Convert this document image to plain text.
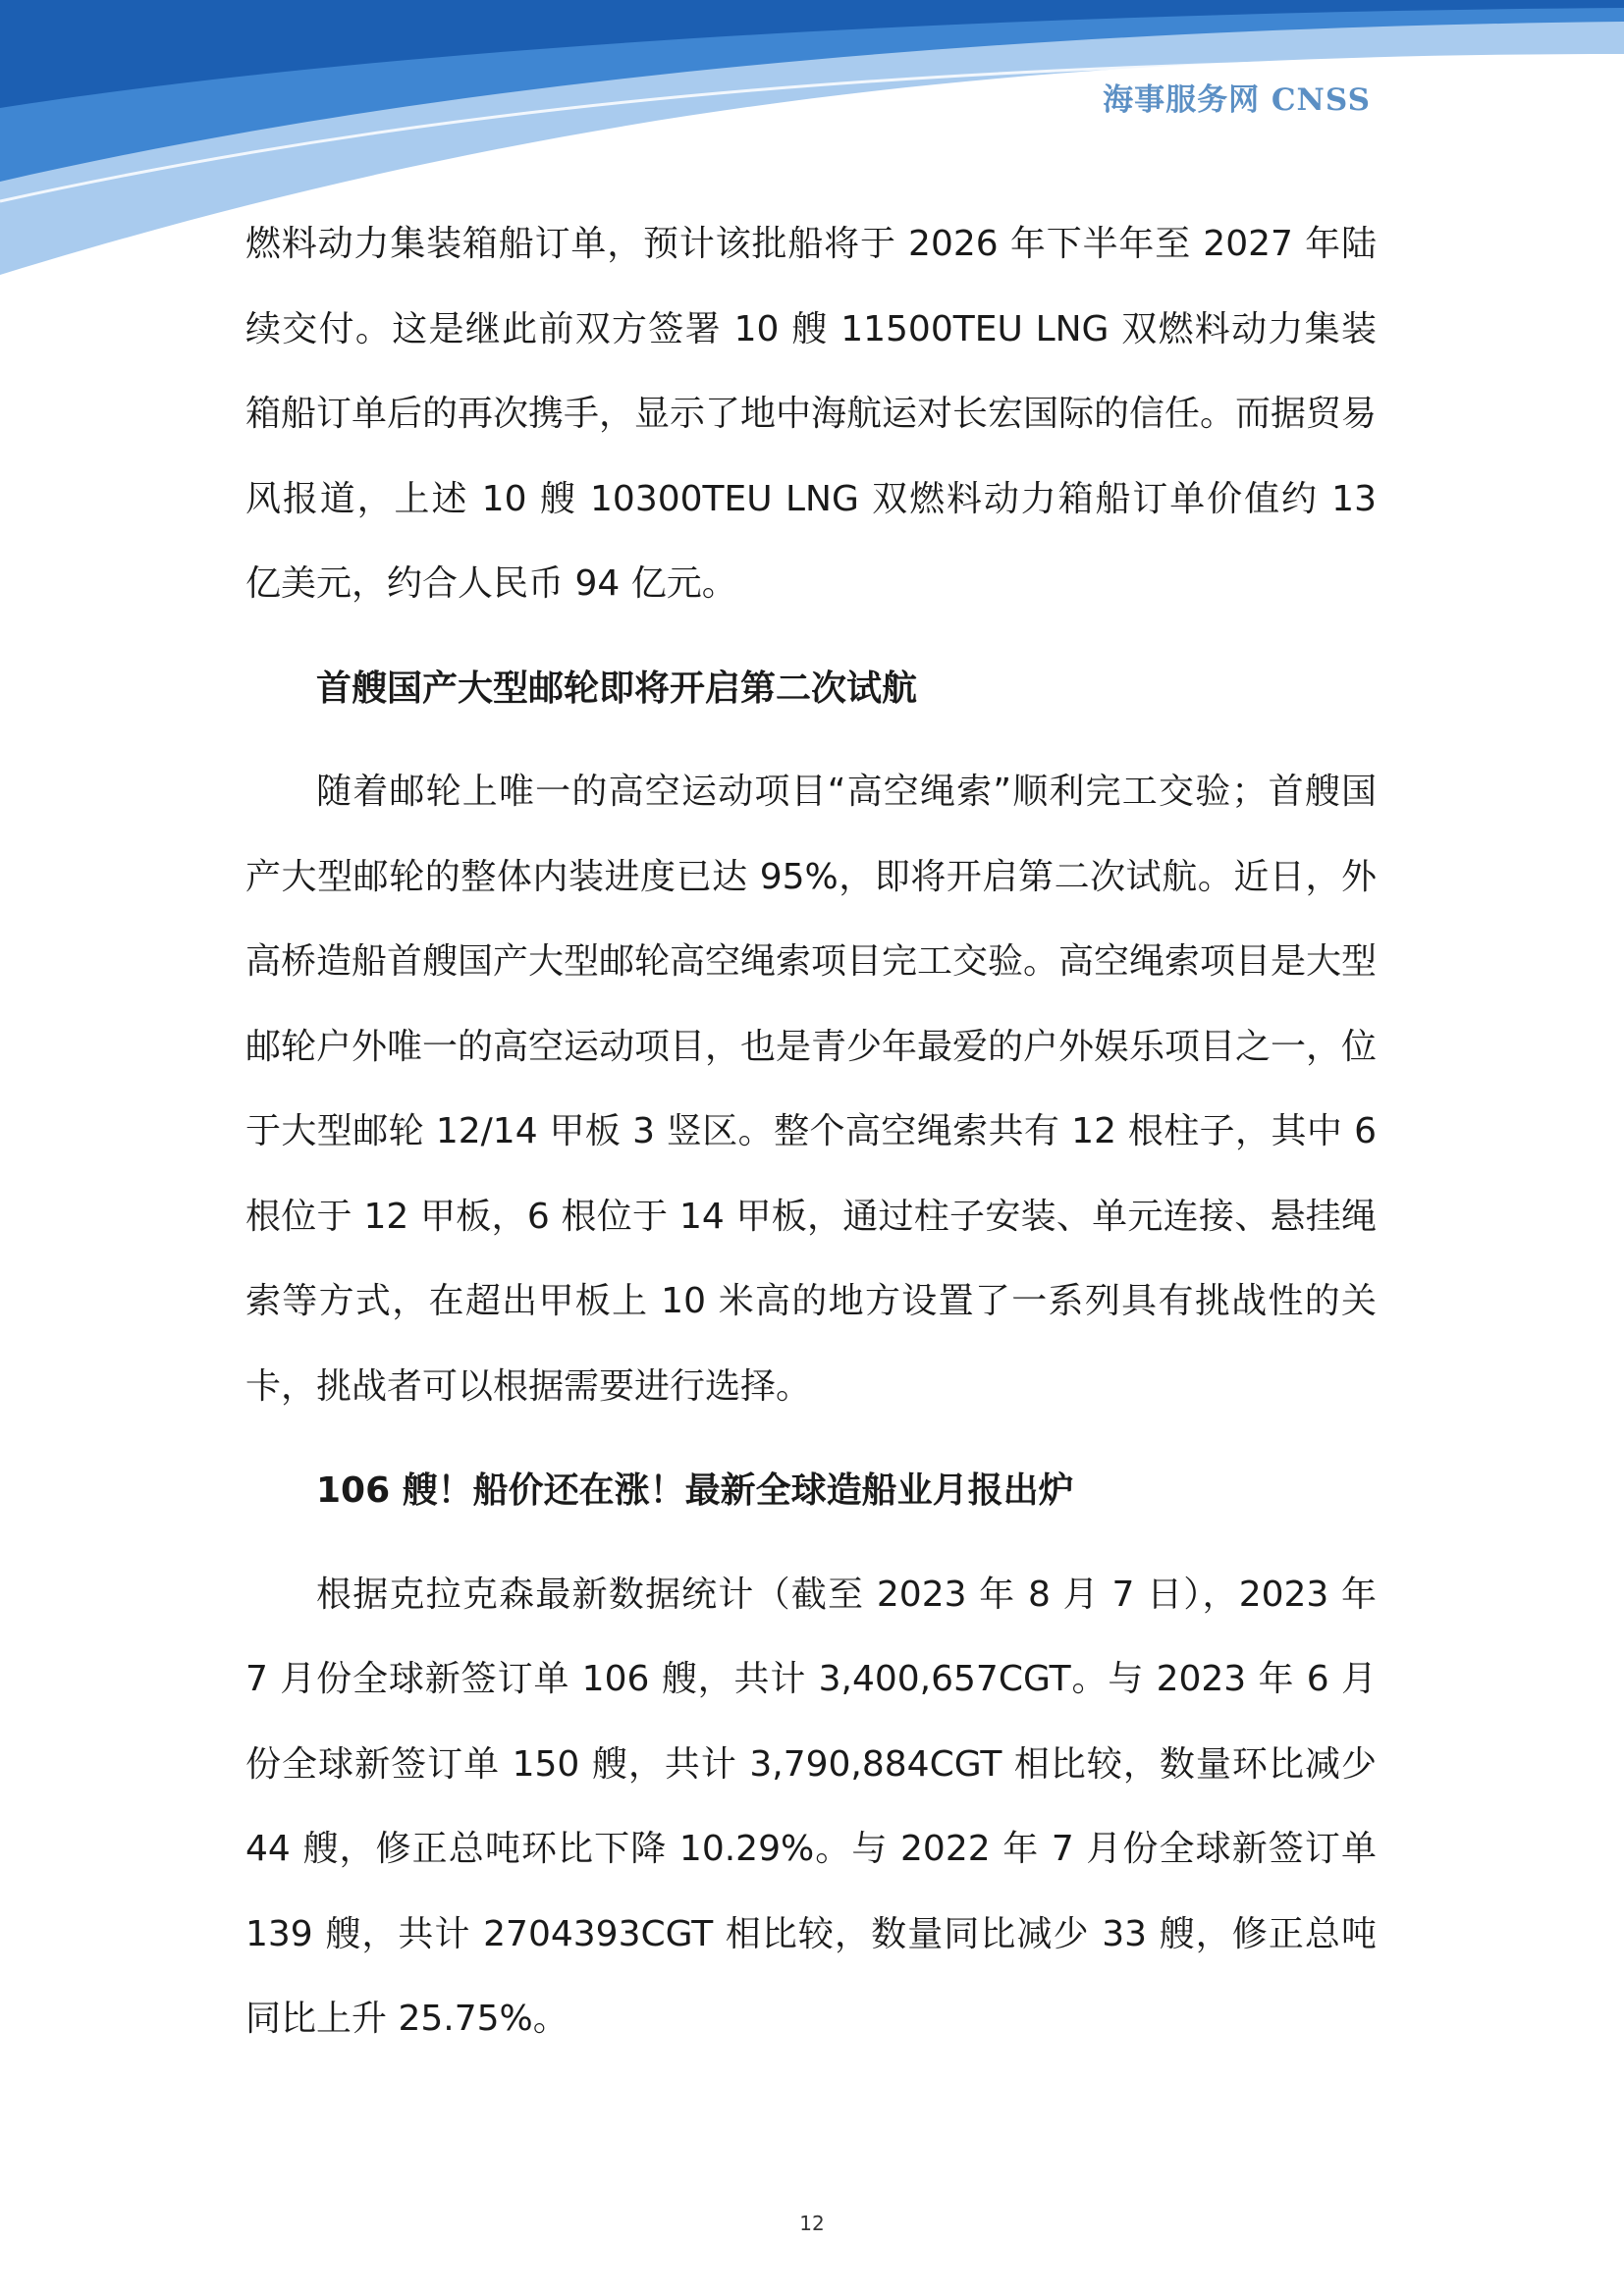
海事服务网 CNSS

燃料动力集装箱船订单，预计该批船将于 2026 年下半年至 2027 年陆续交付。这是继此前双方签署 10 艘 11500TEU LNG 双燃料动力集装箱船订单后的再次携手，显示了地中海航运对长宏国际的信任。而据贸易风报道，上述 10 艘 10300TEU LNG 双燃料动力箱船订单价值约 13 亿美元，约合人民币 94 亿元。

首艘国产大型邮轮即将开启第二次试航

随着邮轮上唯一的高空运动项目“高空绳索”顺利完工交验；首艘国产大型邮轮的整体内装进度已达 95%，即将开启第二次试航。近日，外高桥造船首艘国产大型邮轮高空绳索项目完工交验。高空绳索项目是大型邮轮户外唯一的高空运动项目，也是青少年最爱的户外娱乐项目之一，位于大型邮轮 12/14 甲板 3 竖区。整个高空绳索共有 12 根柱子，其中 6 根位于 12 甲板，6 根位于 14 甲板，通过柱子安装、单元连接、悬挂绳索等方式，在超出甲板上 10 米高的地方设置了一系列具有挑战性的关卡，挑战者可以根据需要进行选择。

106 艘！船价还在涨！最新全球造船业月报出炉

根据克拉克森最新数据统计（截至 2023 年 8 月 7 日），2023 年 7 月份全球新签订单 106 艘，共计 3,400,657CGT。与 2023 年 6 月份全球新签订单 150 艘，共计 3,790,884CGT 相比较，数量环比减少 44 艘，修正总吨环比下降 10.29%。与 2022 年 7 月份全球新签订单 139 艘，共计 2704393CGT 相比较，数量同比减少 33 艘，修正总吨同比上升 25.75%。

12
